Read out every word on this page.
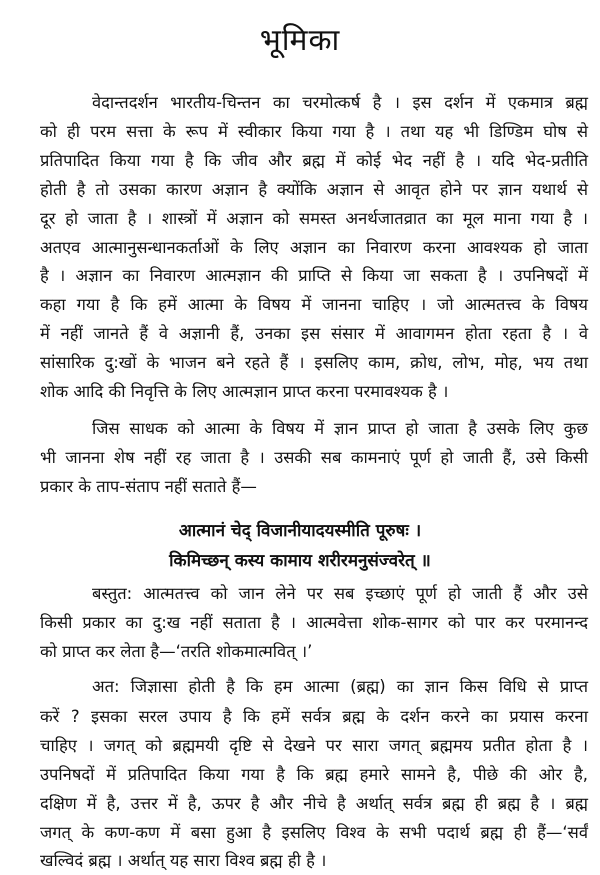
भूमिका
वेदान्तदर्शन भारतीय-चिन्तन का चरमोत्कर्ष है । इस दर्शन में एकमात्र ब्रह्म
को ही परम सत्ता के रूप में स्वीकार किया गया है । तथा यह भी डिण्डिम घोष से
प्रतिपादित किया गया है कि जीव और ब्रह्म में कोई भेद नहीं है । यदि भेद-प्रतीति
होती है तो उसका कारण अज्ञान है क्योंकि अज्ञान से आवृत होने पर ज्ञान यथार्थ से
दूर हो जाता है । शास्त्रों में अज्ञान को समस्त अनर्थजातव्रात का मूल माना गया है ।
अतएव आत्मानुसन्धानकर्ताओं के लिए अज्ञान का निवारण करना आवश्यक हो जाता
है । अज्ञान का निवारण आत्मज्ञान की प्राप्ति से किया जा सकता है । उपनिषदों में
कहा गया है कि हमें आत्मा के विषय में जानना चाहिए । जो आत्मतत्त्व के विषय
में नहीं जानते हैं वे अज्ञानी हैं, उनका इस संसार में आवागमन होता रहता है । वे
सांसारिक दु:खों के भाजन बने रहते हैं । इसलिए काम, क्रोध, लोभ, मोह, भय तथा
शोक आदि की निवृत्ति के लिए आत्मज्ञान प्राप्त करना परमावश्यक है ।
जिस साधक को आत्मा के विषय में ज्ञान प्राप्त हो जाता है उसके लिए कुछ
भी जानना शेष नहीं रह जाता है । उसकी सब कामनाएं पूर्ण हो जाती हैं, उसे किसी
प्रकार के ताप-संताप नहीं सताते हैं—
आत्मानं चेद् विजानीयादयस्मीति पूरुषः ।
किमिच्छन् कस्य कामाय शरीरमनुसंज्वरेत् ॥
बस्तुत: आत्मतत्त्व को जान लेने पर सब इच्छाएं पूर्ण हो जाती हैं और उसे
किसी प्रकार का दु:ख नहीं सताता है । आत्मवेत्ता शोक-सागर को पार कर परमानन्द
को प्राप्त कर लेता है—‘तरति शोकमात्मवित् ।’
अत: जिज्ञासा होती है कि हम आत्मा (ब्रह्म) का ज्ञान किस विधि से प्राप्त
करें ? इसका सरल उपाय है कि हमें सर्वत्र ब्रह्म के दर्शन करने का प्रयास करना
चाहिए । जगत् को ब्रह्ममयी दृष्टि से देखने पर सारा जगत् ब्रह्ममय प्रतीत होता है ।
उपनिषदों में प्रतिपादित किया गया है कि ब्रह्म हमारे सामने है, पीछे की ओर है,
दक्षिण में है, उत्तर में है, ऊपर है और नीचे है अर्थात् सर्वत्र ब्रह्म ही ब्रह्म है । ब्रह्म
जगत् के कण-कण में बसा हुआ है इसलिए विश्व के सभी पदार्थ ब्रह्म ही हैं—‘सर्वं
खल्विदं ब्रह्म । अर्थात् यह सारा विश्व ब्रह्म ही है ।
